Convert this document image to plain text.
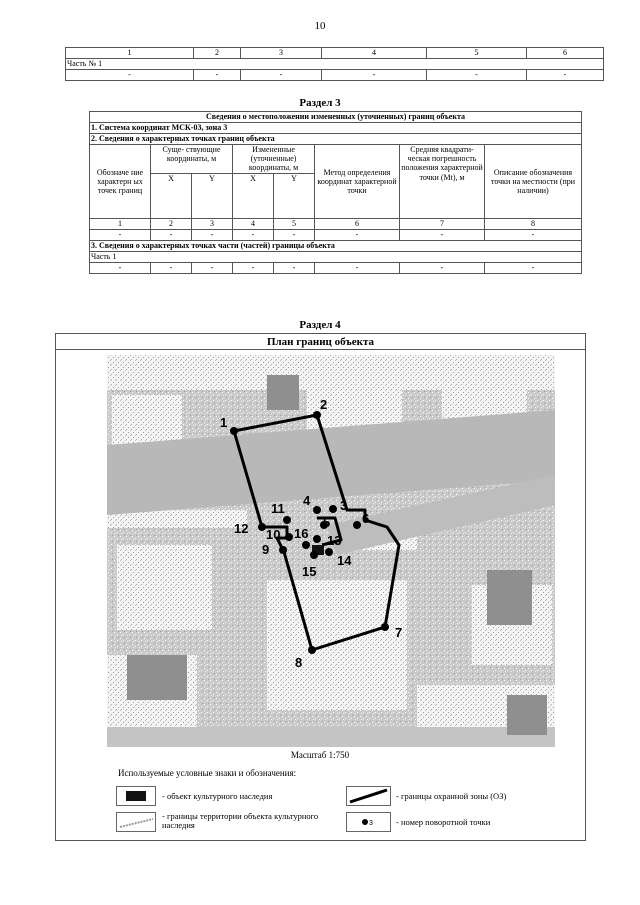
10
1	2	3	4	5	6
Часть № 1					
-	-	-	-	-	-
Раздел 3
Сведения о местоположении измененных (уточненных) границ объекта							
1. Система координат МСК-03, зона 3							
2. Сведения о характерных точках границ объекта							
Обозначе ние характерн ых точек границ	Суще- ствующие координаты, м		Измененные (уточненные) координаты, м		Метод определения координат характерной точки	Средняя квадрати- ческая погрешность положения характерной точки (Mt), м	Описание обозначения точки на местности (при наличии)
	X	Y	X	Y			
1	2	3	4	5	6	7	8
-	-	-	-	-	-	-	-
3. Сведения о характерных точках части (частей) границы объекта							
Часть 1							
-	-	-	-	-	-	-	-
Раздел 4
План границ объекта
1
2
3
4
5 6
7
8
9
10
11
12
13
14
15
16
Масштаб 1:750
Используемые условные знаки и обозначения:
- объект культурного наследия	- границы охранной зоны (ОЗ)
- границы территории объекта культурного наследия	3	- номер поворотной точки
